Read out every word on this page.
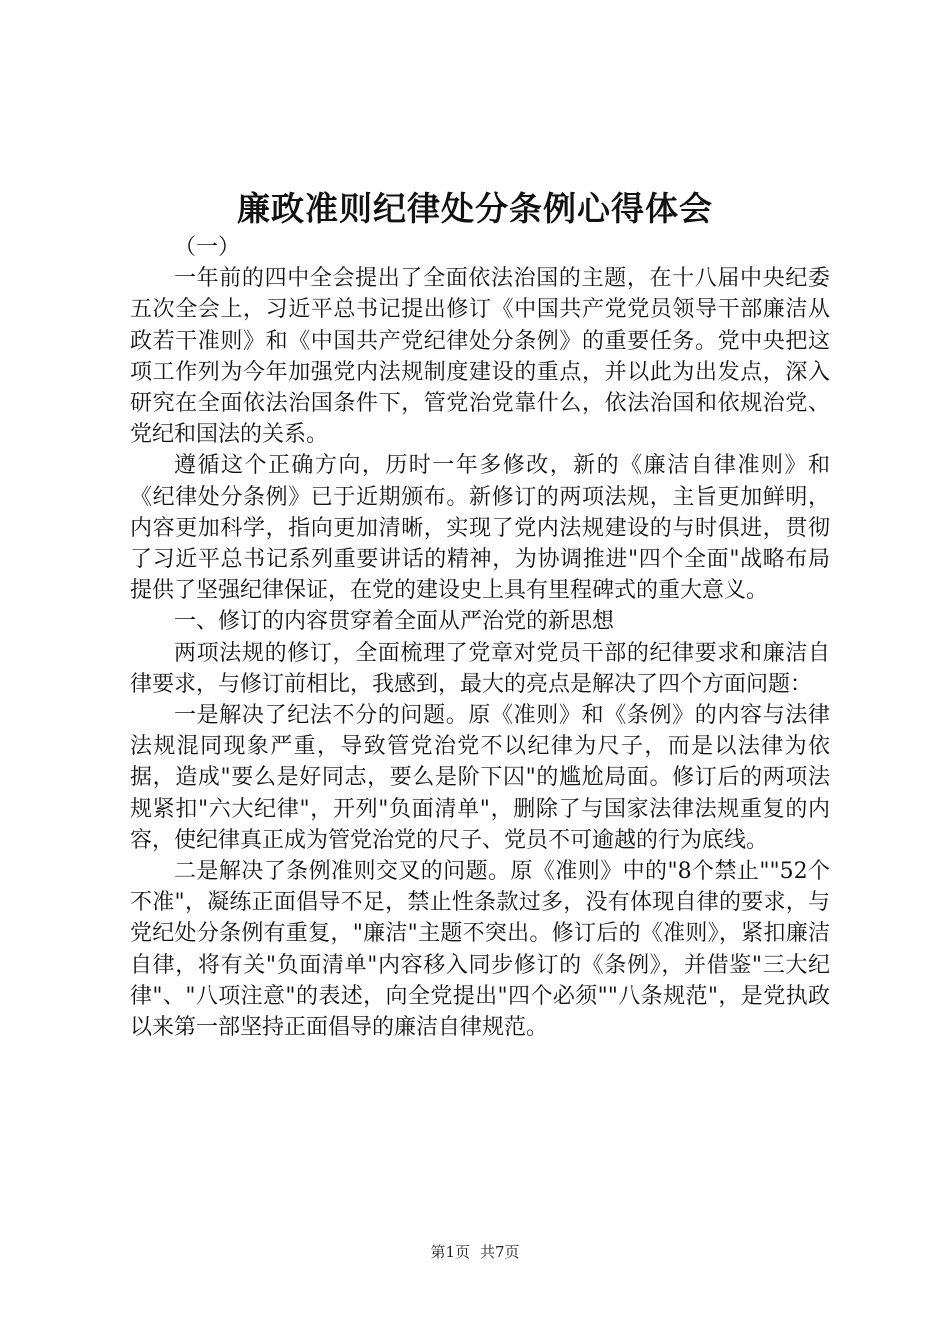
廉政准则纪律处分条例心得体会

（一）

一年前的四中全会提出了全面依法治国的主题，在十八届中央纪委五次全会上，习近平总书记提出修订《中国共产党党员领导干部廉洁从政若干准则》和《中国共产党纪律处分条例》的重要任务。党中央把这项工作列为今年加强党内法规制度建设的重点，并以此为出发点，深入研究在全面依法治国条件下，管党治党靠什么，依法治国和依规治党、党纪和国法的关系。

遵循这个正确方向，历时一年多修改，新的《廉洁自律准则》和《纪律处分条例》已于近期颁布。新修订的两项法规，主旨更加鲜明，内容更加科学，指向更加清晰，实现了党内法规建设的与时俱进，贯彻了习近平总书记系列重要讲话的精神，为协调推进"四个全面"战略布局提供了坚强纪律保证，在党的建设史上具有里程碑式的重大意义。

一、修订的内容贯穿着全面从严治党的新思想

两项法规的修订，全面梳理了党章对党员干部的纪律要求和廉洁自律要求，与修订前相比，我感到，最大的亮点是解决了四个方面问题：

一是解决了纪法不分的问题。原《准则》和《条例》的内容与法律法规混同现象严重，导致管党治党不以纪律为尺子，而是以法律为依据，造成"要么是好同志，要么是阶下囚"的尴尬局面。修订后的两项法规紧扣"六大纪律"，开列"负面清单"，删除了与国家法律法规重复的内容，使纪律真正成为管党治党的尺子、党员不可逾越的行为底线。

二是解决了条例准则交叉的问题。原《准则》中的"8个禁止""52个不准"，凝练正面倡导不足，禁止性条款过多，没有体现自律的要求，与党纪处分条例有重复，"廉洁"主题不突出。修订后的《准则》，紧扣廉洁自律，将有关"负面清单"内容移入同步修订的《条例》，并借鉴"三大纪律"、"八项注意"的表述，向全党提出"四个必须""八条规范"，是党执政以来第一部坚持正面倡导的廉洁自律规范。

第1页 共7页
